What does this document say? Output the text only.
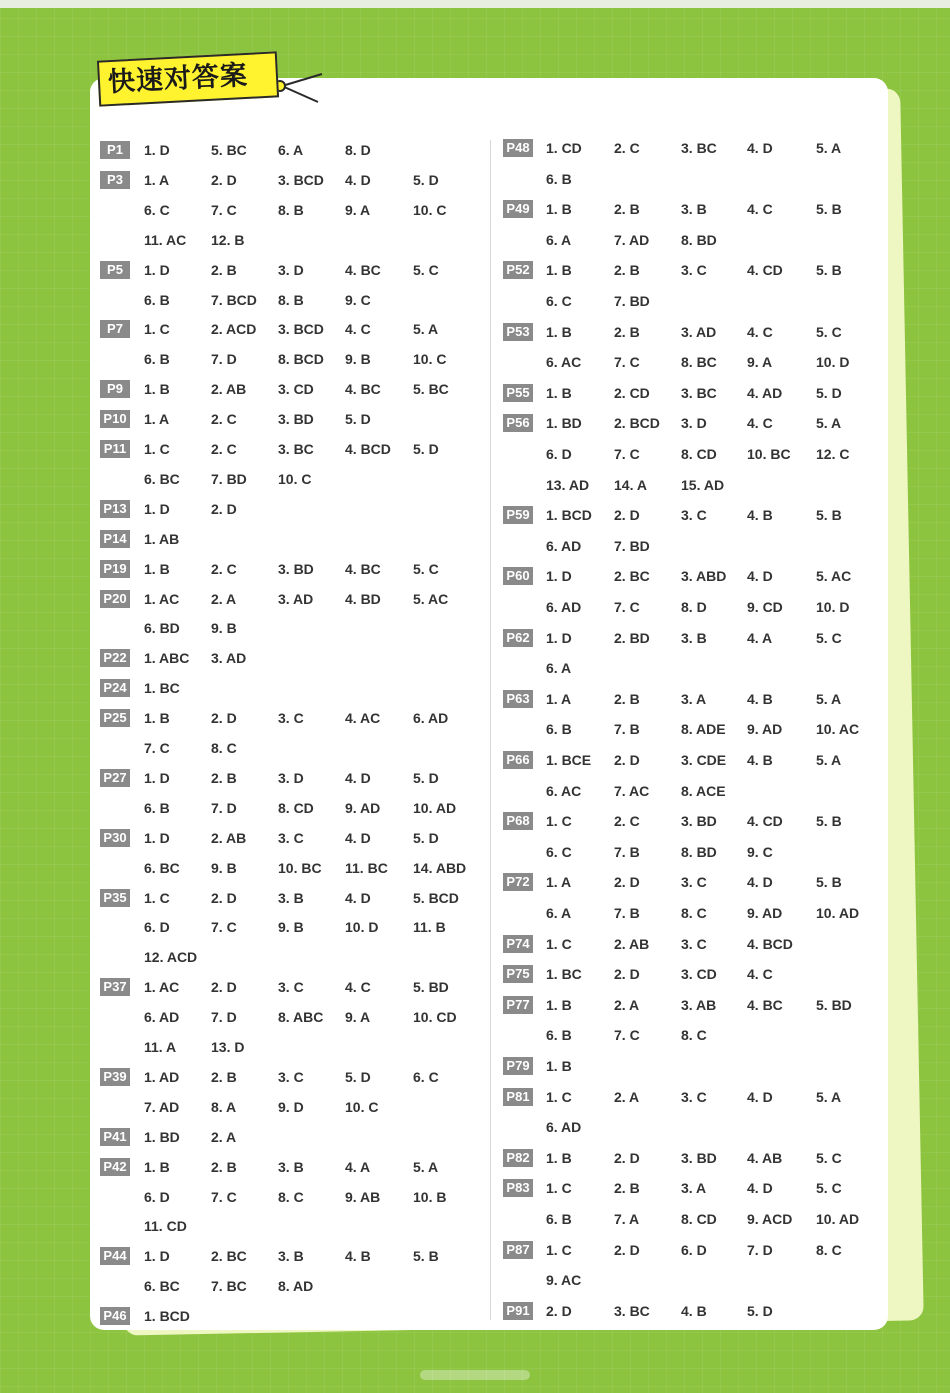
快速对答案
P1	1. D	5. BC 6. A	8. D
P3	1. A	2. D	3. BCD 4. D	5. D
6. C	7. C	8. B	9. A	10. C
11. AC 12. B
P5	1. D	2. B	3. D	4. BC 5. C
6. B	7. BCD 8. B	9. C
P7	1. C	2. ACD 3. BCD 4. C	5. A
6. B	7. D	8. BCD 9. B	10. C
P9	1. B	2. AB 3. CD 4. BC 5. BC
P10 1. A	2. C	3. BD 5. D
P11 1. C	2. C	3. BC 4. BCD 5. D
6. BC 7. BD 10. C
P13 1. D	2. D
P14 1. AB
P19 1. B	2. C	3. BD 4. BC 5. C
P20 1. AC 2. A	3. AD 4. BD 5. AC
6. BD 9. B
P22 1. ABC 3. AD
P24 1. BC
P25 1. B	2. D	3. C	4. AC 6. AD
7. C	8. C
P27 1. D	2. B	3. D	4. D	5. D
6. B	7. D	8. CD 9. AD 10. AD
P30 1. D	2. AB 3. C	4. D	5. D
6. BC 9. B	10. BC 11. BC 14. ABD
P35 1. C	2. D	3. B	4. D	5. BCD
6. D	7. C	9. B	10. D 11. B
12. ACD
P37 1. AC 2. D	3. C	4. C	5. BD
6. AD 7. D	8. ABC 9. A	10. CD
11. A 13. D
P39 1. AD 2. B	3. C	5. D	6. C
7. AD 8. A	9. D	10. C
P41 1. BD 2. A
P42 1. B	2. B	3. B	4. A	5. A
6. D	7. C	8. C	9. AB 10. B
11. CD
P44 1. D	2. BC 3. B	4. B	5. B
6. BC 7. BC 8. AD
P46 1. BCD
P48 1. CD 2. C	3. BC 4. D	5. A
6. B
P49 1. B	2. B	3. B	4. C	5. B
6. A	7. AD 8. BD
P52 1. B	2. B	3. C	4. CD 5. B
6. C	7. BD
P53 1. B	2. B	3. AD 4. C	5. C
6. AC 7. C	8. BC 9. A	10. D
P55 1. B	2. CD 3. BC 4. AD 5. D
P56 1. BD 2. BCD 3. D	4. C	5. A
6. D	7. C	8. CD 10. BC 12. C
13. AD 14. A 15. AD
P59 1. BCD 2. D	3. C	4. B	5. B
6. AD 7. BD
P60 1. D	2. BC 3. ABD 4. D	5. AC
6. AD 7. C	8. D	9. CD 10. D
P62 1. D	2. BD 3. B	4. A	5. C
6. A
P63 1. A	2. B	3. A	4. B	5. A
6. B	7. B	8. ADE 9. AD 10. AC
P66 1. BCE 2. D	3. CDE 4. B	5. A
6. AC 7. AC 8. ACE
P68 1. C	2. C	3. BD 4. CD 5. B
6. C	7. B	8. BD 9. C
P72 1. A	2. D	3. C	4. D	5. B
6. A	7. B	8. C	9. AD 10. AD
P74 1. C	2. AB 3. C	4. BCD
P75 1. BC 2. D	3. CD 4. C
P77 1. B	2. A	3. AB 4. BC 5. BD
6. B	7. C	8. C
P79 1. B
P81 1. C	2. A	3. C	4. D	5. A
6. AD
P82 1. B	2. D	3. BD 4. AB 5. C
P83 1. C	2. B	3. A	4. D	5. C
6. B	7. A	8. CD 9. ACD 10. AD
P87 1. C	2. D	6. D	7. D	8. C
9. AC
P91 2. D	3. BC 4. B	5. D
